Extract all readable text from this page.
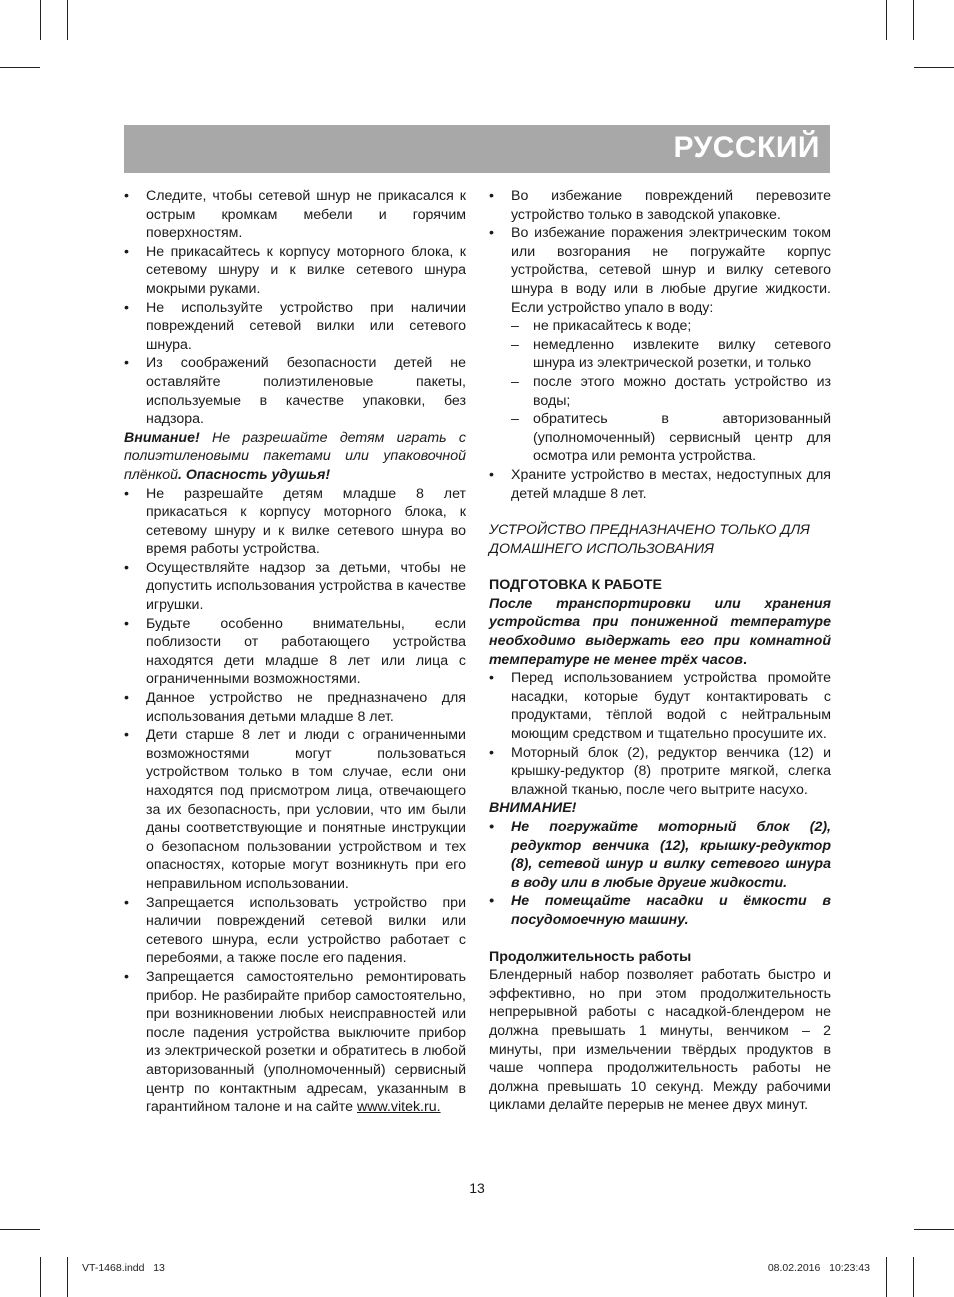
РУССКИЙ
• Следите, чтобы сетевой шнур не прикасался к острым кромкам мебели и горячим поверхностям.
• Не прикасайтесь к корпусу моторного блока, к сетевому шнуру и к вилке сетевого шнура мокрыми руками.
• Не используйте устройство при наличии повреждений сетевой вилки или сетевого шнура.
• Из соображений безопасности детей не оставляйте полиэтиленовые пакеты, используемые в качестве упаковки, без надзора.

Внимание! Не разрешайте детям играть с полиэтиленовыми пакетами или упаковочной плёнкой. Опасность удушья!

• Не разрешайте детям младше 8 лет прикасаться к корпусу моторного блока, к сетевому шнуру и к вилке сетевого шнура во время работы устройства.
• Осуществляйте надзор за детьми, чтобы не допустить использования устройства в качестве игрушки.
• Будьте особенно внимательны, если поблизости от работающего устройства находятся дети младше 8 лет или лица с ограниченными возможностями.
• Данное устройство не предназначено для использования детьми младше 8 лет.
• Дети старше 8 лет и люди с ограниченными возможностями могут пользоваться устройством только в том случае, если они находятся под присмотром лица, отвечающего за их безопасность, при условии, что им были даны соответствующие и понятные инструкции о безопасном пользовании устройством и тех опасностях, которые могут возникнуть при его неправильном использовании.
• Запрещается использовать устройство при наличии повреждений сетевой вилки или сетевого шнура, если устройство работает с перебоями, а также после его падения.
• Запрещается самостоятельно ремонтировать прибор. Не разбирайте прибор самостоятельно, при возникновении любых неисправностей или после падения устройства выключите прибор из электрической розетки и обратитесь в любой авторизованный (уполномоченный) сервисный центр по контактным адресам, указанным в гарантийном талоне и на сайте www.vitek.ru.
• Во избежание повреждений перевозите устройство только в заводской упаковке.
• Во избежание поражения электрическим током или возгорания не погружайте корпус устройства, сетевой шнур и вилку сетевого шнура в воду или в любые другие жидкости. Если устройство упало в воду:
– не прикасайтесь к воде;
– немедленно извлеките вилку сетевого шнура из электрической розетки, и только
– после этого можно достать устройство из воды;
– обратитесь в авторизованный (уполномоченный) сервисный центр для осмотра или ремонта устройства.
• Храните устройство в местах, недоступных для детей младше 8 лет.

УСТРОЙСТВО ПРЕДНАЗНАЧЕНО ТОЛЬКО ДЛЯ ДОМАШНЕГО ИСПОЛЬЗОВАНИЯ

ПОДГОТОВКА К РАБОТЕ

После транспортировки или хранения устройства при пониженной температуре необходимо выдержать его при комнатной температуре не менее трёх часов.

• Перед использованием устройства промойте насадки, которые будут контактировать с продуктами, тёплой водой с нейтральным моющим средством и тщательно просушите их.
• Моторный блок (2), редуктор венчика (12) и крышку-редуктор (8) протрите мягкой, слегка влажной тканью, после чего вытрите насухо.

ВНИМАНИЕ!

• Не погружайте моторный блок (2), редуктор венчика (12), крышку-редуктор (8), сетевой шнур и вилку сетевого шнура в воду или в любые другие жидкости.
• Не помещайте насадки и ёмкости в посудомоечную машину.

Продолжительность работы

Блендерный набор позволяет работать быстро и эффективно, но при этом продолжительность непрерывной работы с насадкой-блендером не должна превышать 1 минуты, венчиком – 2 минуты, при измельчении твёрдых продуктов в чаше чоппера продолжительность работы не должна превышать 10 секунд. Между рабочими циклами делайте перерыв не менее двух минут.

13
VT-1468.indd   13	08.02.2016   10:23:43
